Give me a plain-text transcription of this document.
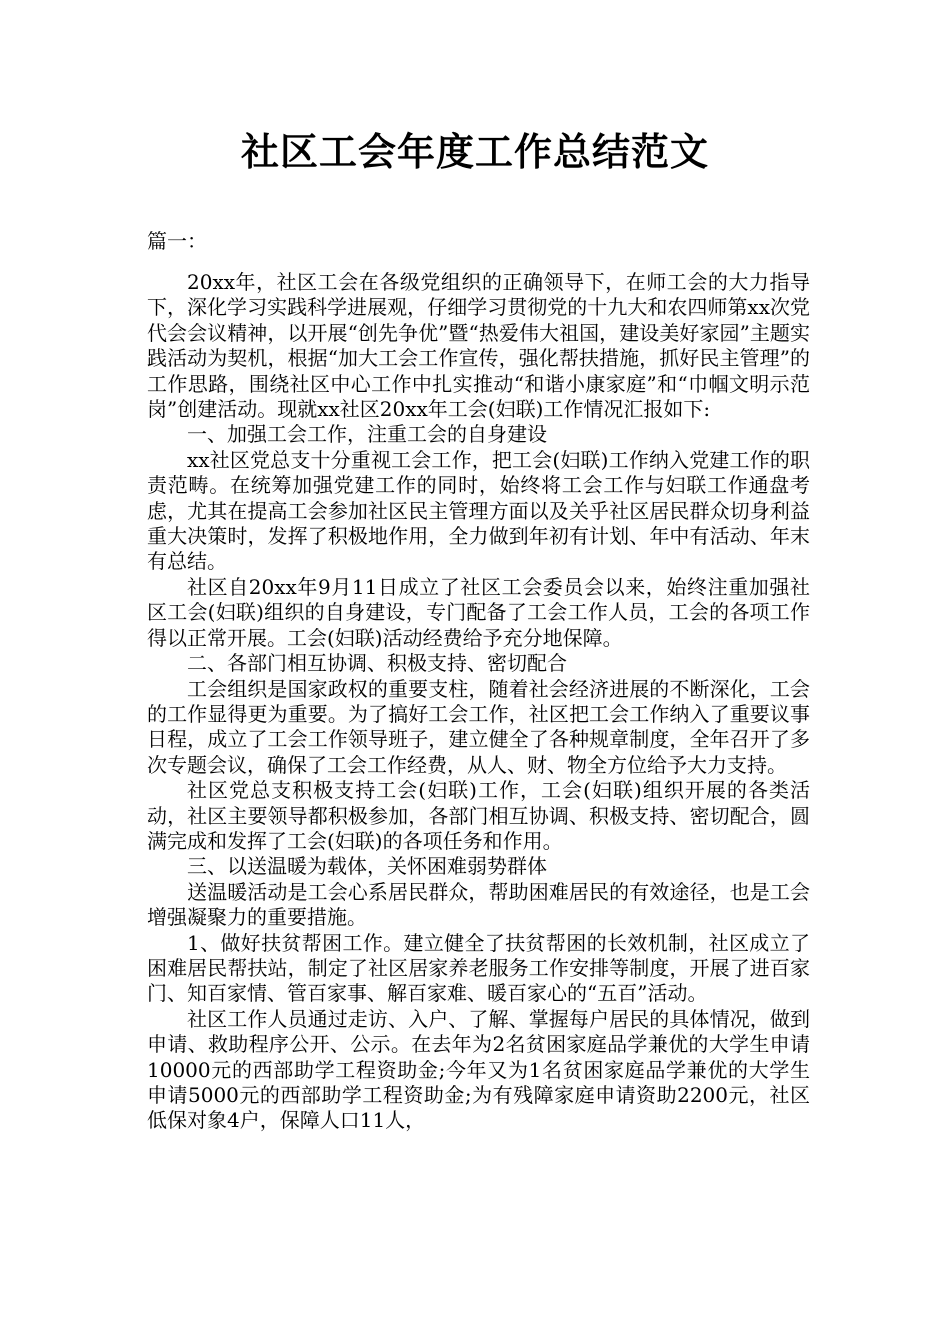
社区工会年度工作总结范文

篇一：

20xx年，社区工会在各级党组织的正确领导下，在师工会的大力指导下，深化学习实践科学进展观，仔细学习贯彻党的十九大和农四师第xx次党代会会议精神，以开展“创先争优”暨“热爱伟大祖国，建设美好家园”主题实践活动为契机，根据“加大工会工作宣传，强化帮扶措施，抓好民主管理”的工作思路，围绕社区中心工作中扎实推动“和谐小康家庭”和“巾帼文明示范岗”创建活动。现就xx社区20xx年工会(妇联)工作情况汇报如下:

一、加强工会工作，注重工会的自身建设

xx社区党总支十分重视工会工作，把工会(妇联)工作纳入党建工作的职责范畴。在统筹加强党建工作的同时，始终将工会工作与妇联工作通盘考虑，尤其在提高工会参加社区民主管理方面以及关乎社区居民群众切身利益重大决策时，发挥了积极地作用，全力做到年初有计划、年中有活动、年末有总结。

社区自20xx年9月11日成立了社区工会委员会以来，始终注重加强社区工会(妇联)组织的自身建设，专门配备了工会工作人员，工会的各项工作得以正常开展。工会(妇联)活动经费给予充分地保障。

二、各部门相互协调、积极支持、密切配合

工会组织是国家政权的重要支柱，随着社会经济进展的不断深化，工会的工作显得更为重要。为了搞好工会工作，社区把工会工作纳入了重要议事日程，成立了工会工作领导班子，建立健全了各种规章制度，全年召开了多次专题会议，确保了工会工作经费，从人、财、物全方位给予大力支持。

社区党总支积极支持工会(妇联)工作，工会(妇联)组织开展的各类活动，社区主要领导都积极参加，各部门相互协调、积极支持、密切配合，圆满完成和发挥了工会(妇联)的各项任务和作用。

三、以送温暖为载体，关怀困难弱势群体

送温暖活动是工会心系居民群众，帮助困难居民的有效途径，也是工会增强凝聚力的重要措施。

1、做好扶贫帮困工作。建立健全了扶贫帮困的长效机制，社区成立了困难居民帮扶站，制定了社区居家养老服务工作安排等制度，开展了进百家门、知百家情、管百家事、解百家难、暖百家心的“五百”活动。

社区工作人员通过走访、入户、了解、掌握每户居民的具体情况，做到申请、救助程序公开、公示。在去年为2名贫困家庭品学兼优的大学生申请10000元的西部助学工程资助金;今年又为1名贫困家庭品学兼优的大学生申请5000元的西部助学工程资助金;为有残障家庭申请资助2200元，社区低保对象4户，保障人口11人，
